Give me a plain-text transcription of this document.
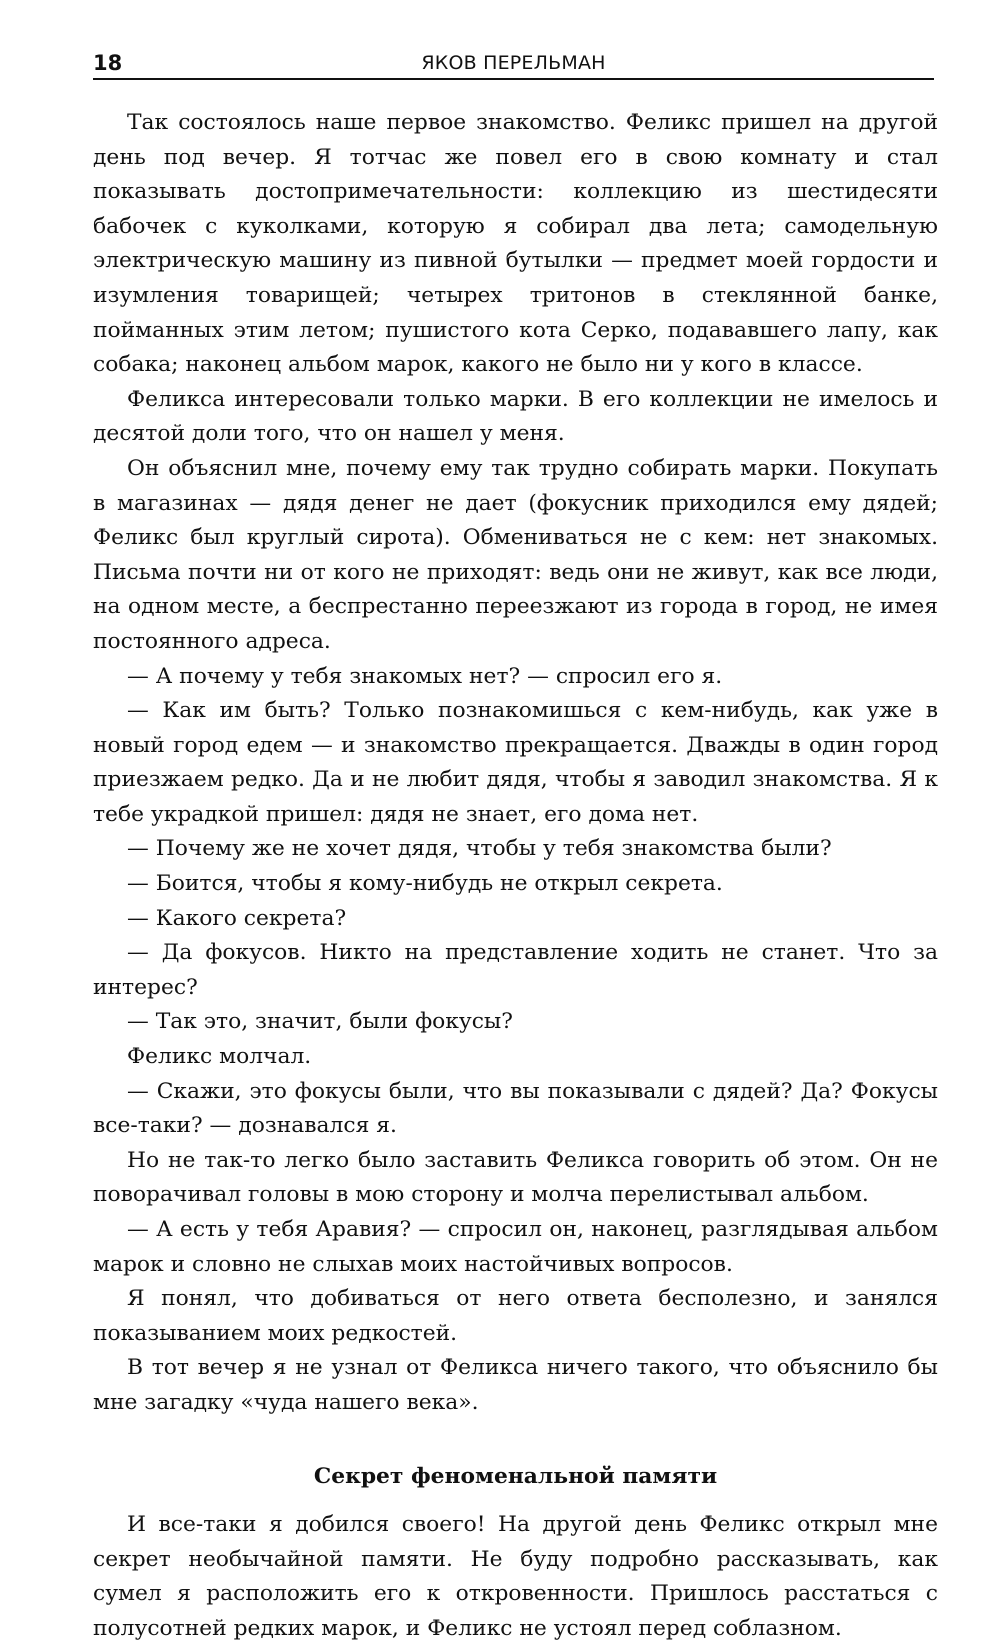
18	ЯКОВ ПЕРЕЛЬМАН

Так состоялось наше первое знакомство. Феликс пришел на другой день под вечер. Я тотчас же повел его в свою комнату и стал показывать достопримечательности: коллекцию из шестидесяти бабочек с куколками, которую я собирал два лета; самодельную электрическую машину из пивной бутылки — предмет моей гордости и изумления товарищей; четырех тритонов в стеклянной банке, пойманных этим летом; пушистого кота Серко, подававшего лапу, как собака; наконец альбом марок, какого не было ни у кого в классе.

Феликса интересовали только марки. В его коллекции не имелось и десятой доли того, что он нашел у меня.

Он объяснил мне, почему ему так трудно собирать марки. Покупать в магазинах — дядя денег не дает (фокусник приходился ему дядей; Феликс был круглый сирота). Обмениваться не с кем: нет знакомых. Письма почти ни от кого не приходят: ведь они не живут, как все люди, на одном месте, а беспрестанно переезжают из города в город, не имея постоянного адреса.

— А почему у тебя знакомых нет? — спросил его я.

— Как им быть? Только познакомишься с кем-нибудь, как уже в новый город едем — и знакомство прекращается. Дважды в один город приезжаем редко. Да и не любит дядя, чтобы я заводил знакомства. Я к тебе украдкой пришел: дядя не знает, его дома нет.

— Почему же не хочет дядя, чтобы у тебя знакомства были?

— Боится, чтобы я кому-нибудь не открыл секрета.

— Какого секрета?

— Да фокусов. Никто на представление ходить не станет. Что за интерес?

— Так это, значит, были фокусы?

Феликс молчал.

— Скажи, это фокусы были, что вы показывали с дядей? Да? Фокусы все-таки? — дознавался я.

Но не так-то легко было заставить Феликса говорить об этом. Он не поворачивал головы в мою сторону и молча перелистывал альбом.

— А есть у тебя Аравия? — спросил он, наконец, разглядывая альбом марок и словно не слыхав моих настойчивых вопросов.

Я понял, что добиваться от него ответа бесполезно, и занялся показыванием моих редкостей.

В тот вечер я не узнал от Феликса ничего такого, что объяснило бы мне загадку «чуда нашего века».

Секрет феноменальной памяти

И все-таки я добился своего! На другой день Феликс открыл мне секрет необычайной памяти. Не буду подробно рассказывать, как сумел я расположить его к откровенности. Пришлось расстаться с полусотней редких марок, и Феликс не устоял перед соблазном.
